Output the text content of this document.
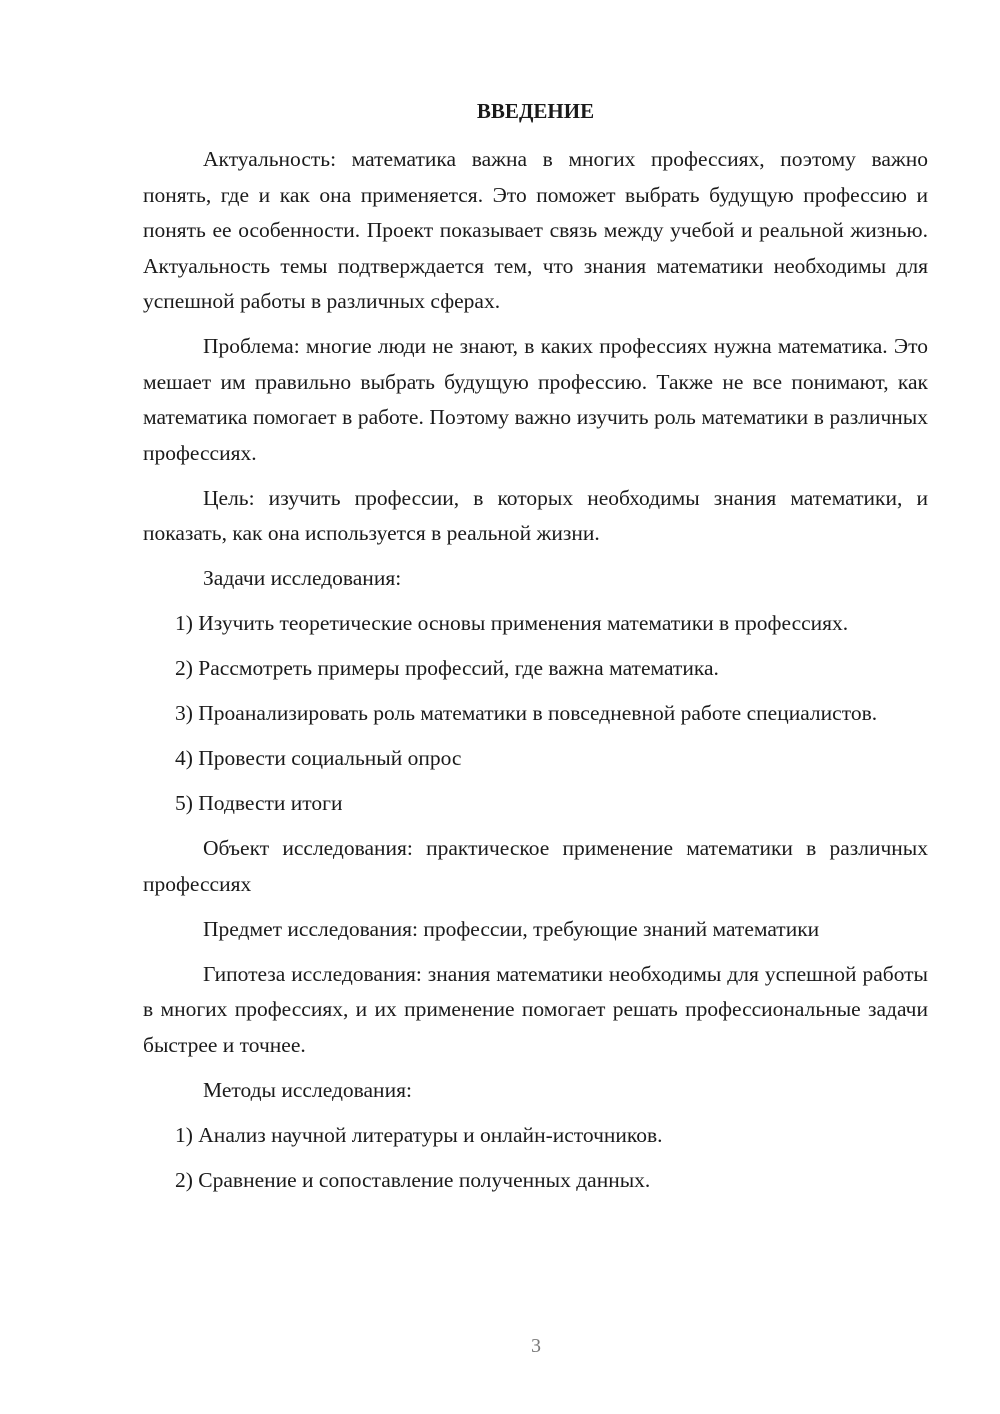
ВВЕДЕНИЕ

Актуальность: математика важна в многих профессиях, поэтому важно понять, где и как она применяется. Это поможет выбрать будущую профессию и понять ее особенности. Проект показывает связь между учебой и реальной жизнью. Актуальность темы подтверждается тем, что знания математики необходимы для успешной работы в различных сферах.

Проблема: многие люди не знают, в каких профессиях нужна математика. Это мешает им правильно выбрать будущую профессию. Также не все понимают, как математика помогает в работе. Поэтому важно изучить роль математики в различных профессиях.

Цель: изучить профессии, в которых необходимы знания математики, и показать, как она используется в реальной жизни.

Задачи исследования:

1) Изучить теоретические основы применения математики в профессиях.

2) Рассмотреть примеры профессий, где важна математика.

3) Проанализировать роль математики в повседневной работе специалистов.

4) Провести социальный опрос

5) Подвести итоги

Объект исследования: практическое применение математики в различных профессиях

Предмет исследования: профессии, требующие знаний математики

Гипотеза исследования: знания математики необходимы для успешной работы в многих профессиях, и их применение помогает решать профессиональные задачи быстрее и точнее.

Методы исследования:

1) Анализ научной литературы и онлайн-источников.

2) Сравнение и сопоставление полученных данных.

3
